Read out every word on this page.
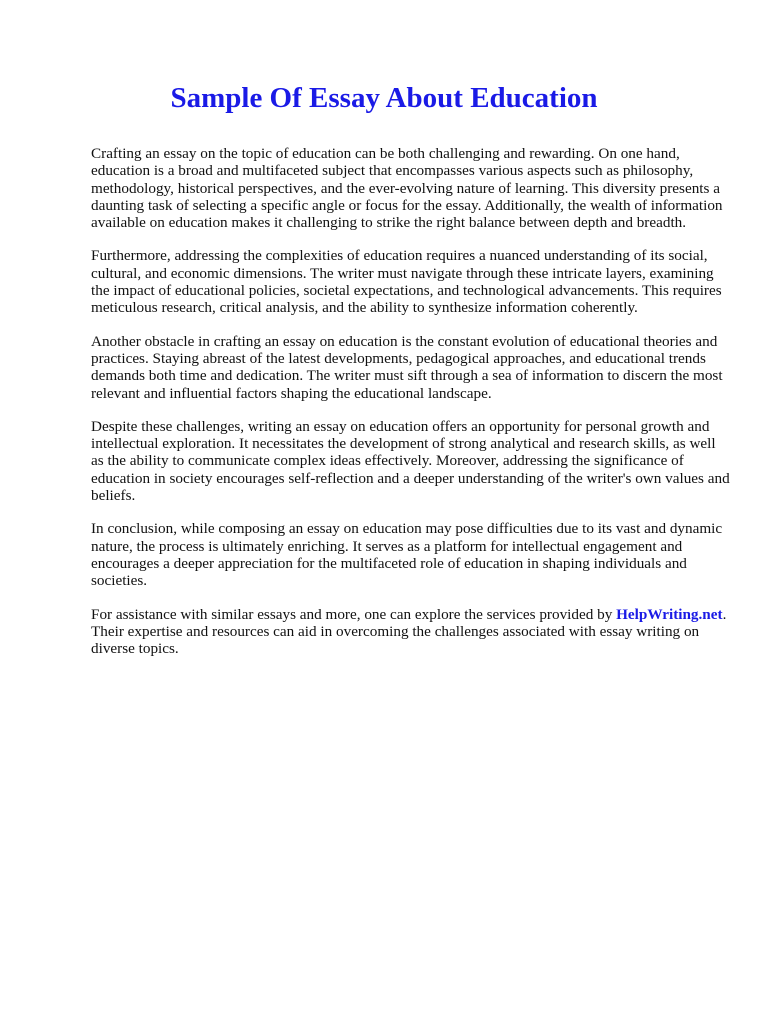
Sample Of Essay About Education

Crafting an essay on the topic of education can be both challenging and rewarding. On one hand, education is a broad and multifaceted subject that encompasses various aspects such as philosophy, methodology, historical perspectives, and the ever-evolving nature of learning. This diversity presents a daunting task of selecting a specific angle or focus for the essay. Additionally, the wealth of information available on education makes it challenging to strike the right balance between depth and breadth.

Furthermore, addressing the complexities of education requires a nuanced understanding of its social, cultural, and economic dimensions. The writer must navigate through these intricate layers, examining the impact of educational policies, societal expectations, and technological advancements. This requires meticulous research, critical analysis, and the ability to synthesize information coherently.

Another obstacle in crafting an essay on education is the constant evolution of educational theories and practices. Staying abreast of the latest developments, pedagogical approaches, and educational trends demands both time and dedication. The writer must sift through a sea of information to discern the most relevant and influential factors shaping the educational landscape.

Despite these challenges, writing an essay on education offers an opportunity for personal growth and intellectual exploration. It necessitates the development of strong analytical and research skills, as well as the ability to communicate complex ideas effectively. Moreover, addressing the significance of education in society encourages self-reflection and a deeper understanding of the writer's own values and beliefs.

In conclusion, while composing an essay on education may pose difficulties due to its vast and dynamic nature, the process is ultimately enriching. It serves as a platform for intellectual engagement and encourages a deeper appreciation for the multifaceted role of education in shaping individuals and societies.

For assistance with similar essays and more, one can explore the services provided by HelpWriting.net. Their expertise and resources can aid in overcoming the challenges associated with essay writing on diverse topics.
